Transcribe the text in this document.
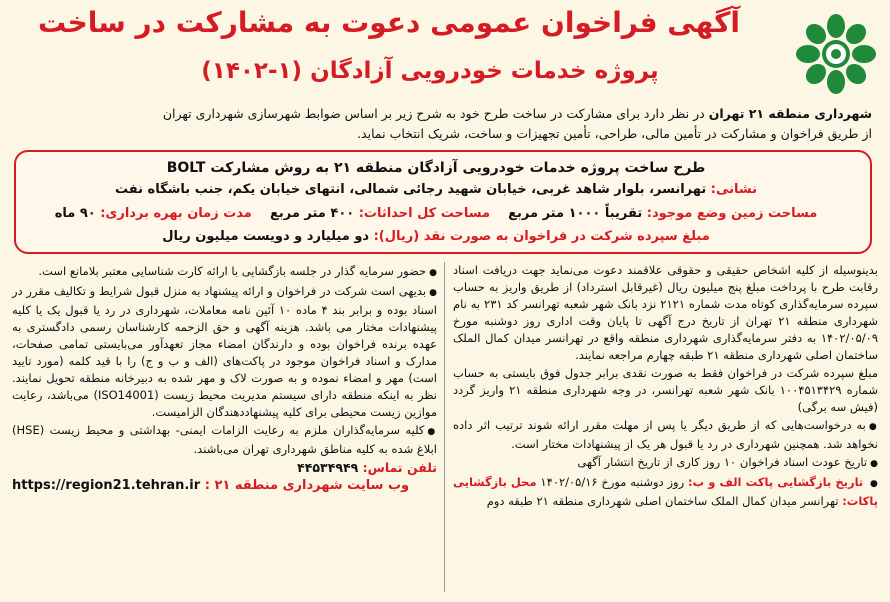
آگهی فراخوان عمومی دعوت به مشارکت در ساخت
پروژه خدمات خودرویی آزادگان (۱-۱۴۰۲)
شهرداری منطقه ۲۱ تهران در نظر دارد برای مشارکت در ساخت طرح خود به شرح زیر بر اساس ضوابط شهرسازی شهرداری تهران
از طریق فراخوان و مشارکت در تأمین مالی، طراحی، تأمین تجهیزات و ساخت، شریک انتخاب نماید.
طرح ساخت پروژه خدمات خودرویی آزادگان منطقه ۲۱ به روش مشارکت BOLT
نشانی: تهرانسر، بلوار شاهد غربی، خیابان شهید رجائی شمالی، انتهای خیابان یکم، جنب باشگاه نفت
مساحت زمین وضع موجود: تقریباً ۱۰۰۰ متر مربع    مساحت کل احداثات: ۴۰۰ متر مربع    مدت زمان بهره برداری: ۹۰ ماه
مبلغ سپرده شرکت در فراخوان به صورت نقد (ریال): دو میلیارد و دویست میلیون ریال

بدینوسیله از کلیه اشخاص حقیقی و حقوقی علاقمند دعوت می‌نماید جهت دریافت اسناد رقابت طرح با پرداخت مبلغ پنج میلیون ریال (غیرقابل استرداد) از طریق واریز به حساب سپرده سرمایه‌گذاری کوتاه مدت شماره ۲۱۲۱ نزد بانک شهر شعبه تهرانسر کد ۲۳۱ به نام شهرداری منطقه ۲۱ تهران از تاریخ درج آگهی تا پایان وقت اداری روز دوشنبه مورخ ۱۴۰۲/۰۵/۰۹ به دفتر سرمایه‌گذاری شهرداری منطقه واقع در تهرانسر میدان کمال الملک ساختمان اصلی شهرداری منطقه ۲۱ طبقه چهارم مراجعه نمایند.

مبلغ سپرده شرکت در فراخوان فقط به صورت نقدی برابر جدول فوق بایستی به حساب شماره ۱۰۰۴۵۱۳۴۲۹ بانک شهر شعبه تهرانسر، در وجه شهرداری منطقه ۲۱ واریز گردد (فیش سه برگی)

● به درخواست‌هایی که از طریق دیگر یا پس از مهلت مقرر ارائه شوند ترتیب اثر داده نخواهد شد. همچنین شهرداری در رد یا قبول هر یک از پیشنهادات مختار است.

● تاریخ عودت اسناد فراخوان ۱۰ روز کاری از تاریخ انتشار آگهی

● تاریخ بازگشایی پاکت الف و ب: روز دوشنبه مورخ ۱۴۰۲/۰۵/۱۶ محل بازگشایی پاکات: تهرانسر میدان کمال الملک ساختمان اصلی شهرداری منطقه ۲۱ طبقه دوم

● حضور سرمایه گذار در جلسه بازگشایی با ارائه کارت شناسایی معتبر بلامانع است.

● بدیهی است شرکت در فراخوان و ارائه پیشنهاد به منزل قبول شرایط و تکالیف مقرر در اسناد بوده و برابر بند ۴ ماده ۱۰ آئین نامه معاملات، شهرداری در رد یا قبول یک یا کلیه پیشنهادات مختار می باشد. هزینه آگهی و حق الزحمه کارشناسان رسمی دادگستری به عهده برنده فراخوان بوده و دارندگان امضاء مجاز تعهدآور می‌بایستی تمامی صفحات، مدارک و اسناد فراخوان موجود در پاکت‌های (الف و ب و ج) را با قید کلمه (مورد تایید است) مهر و امضاء نموده و به صورت لاک و مهر شده به دبیرخانه منطقه تحویل نمایند. نظر به اینکه منطقه دارای سیستم مدیریت محیط زیست (ISO14001) می‌باشد، رعایت موازین زیست محیطی برای کلیه پیشنهاددهندگان الزامیست.

● کلیه سرمایه‌گذاران ملزم به رعایت الزامات ایمنی- بهداشتی و محیط زیست (HSE) ابلاغ شده به کلیه مناطق شهرداری تهران می‌باشند.

تلفن تماس: ۴۴۵۳۴۹۴۹

https://region21.tehran.ir وب سایت شهرداری منطقه ۲۱ :
